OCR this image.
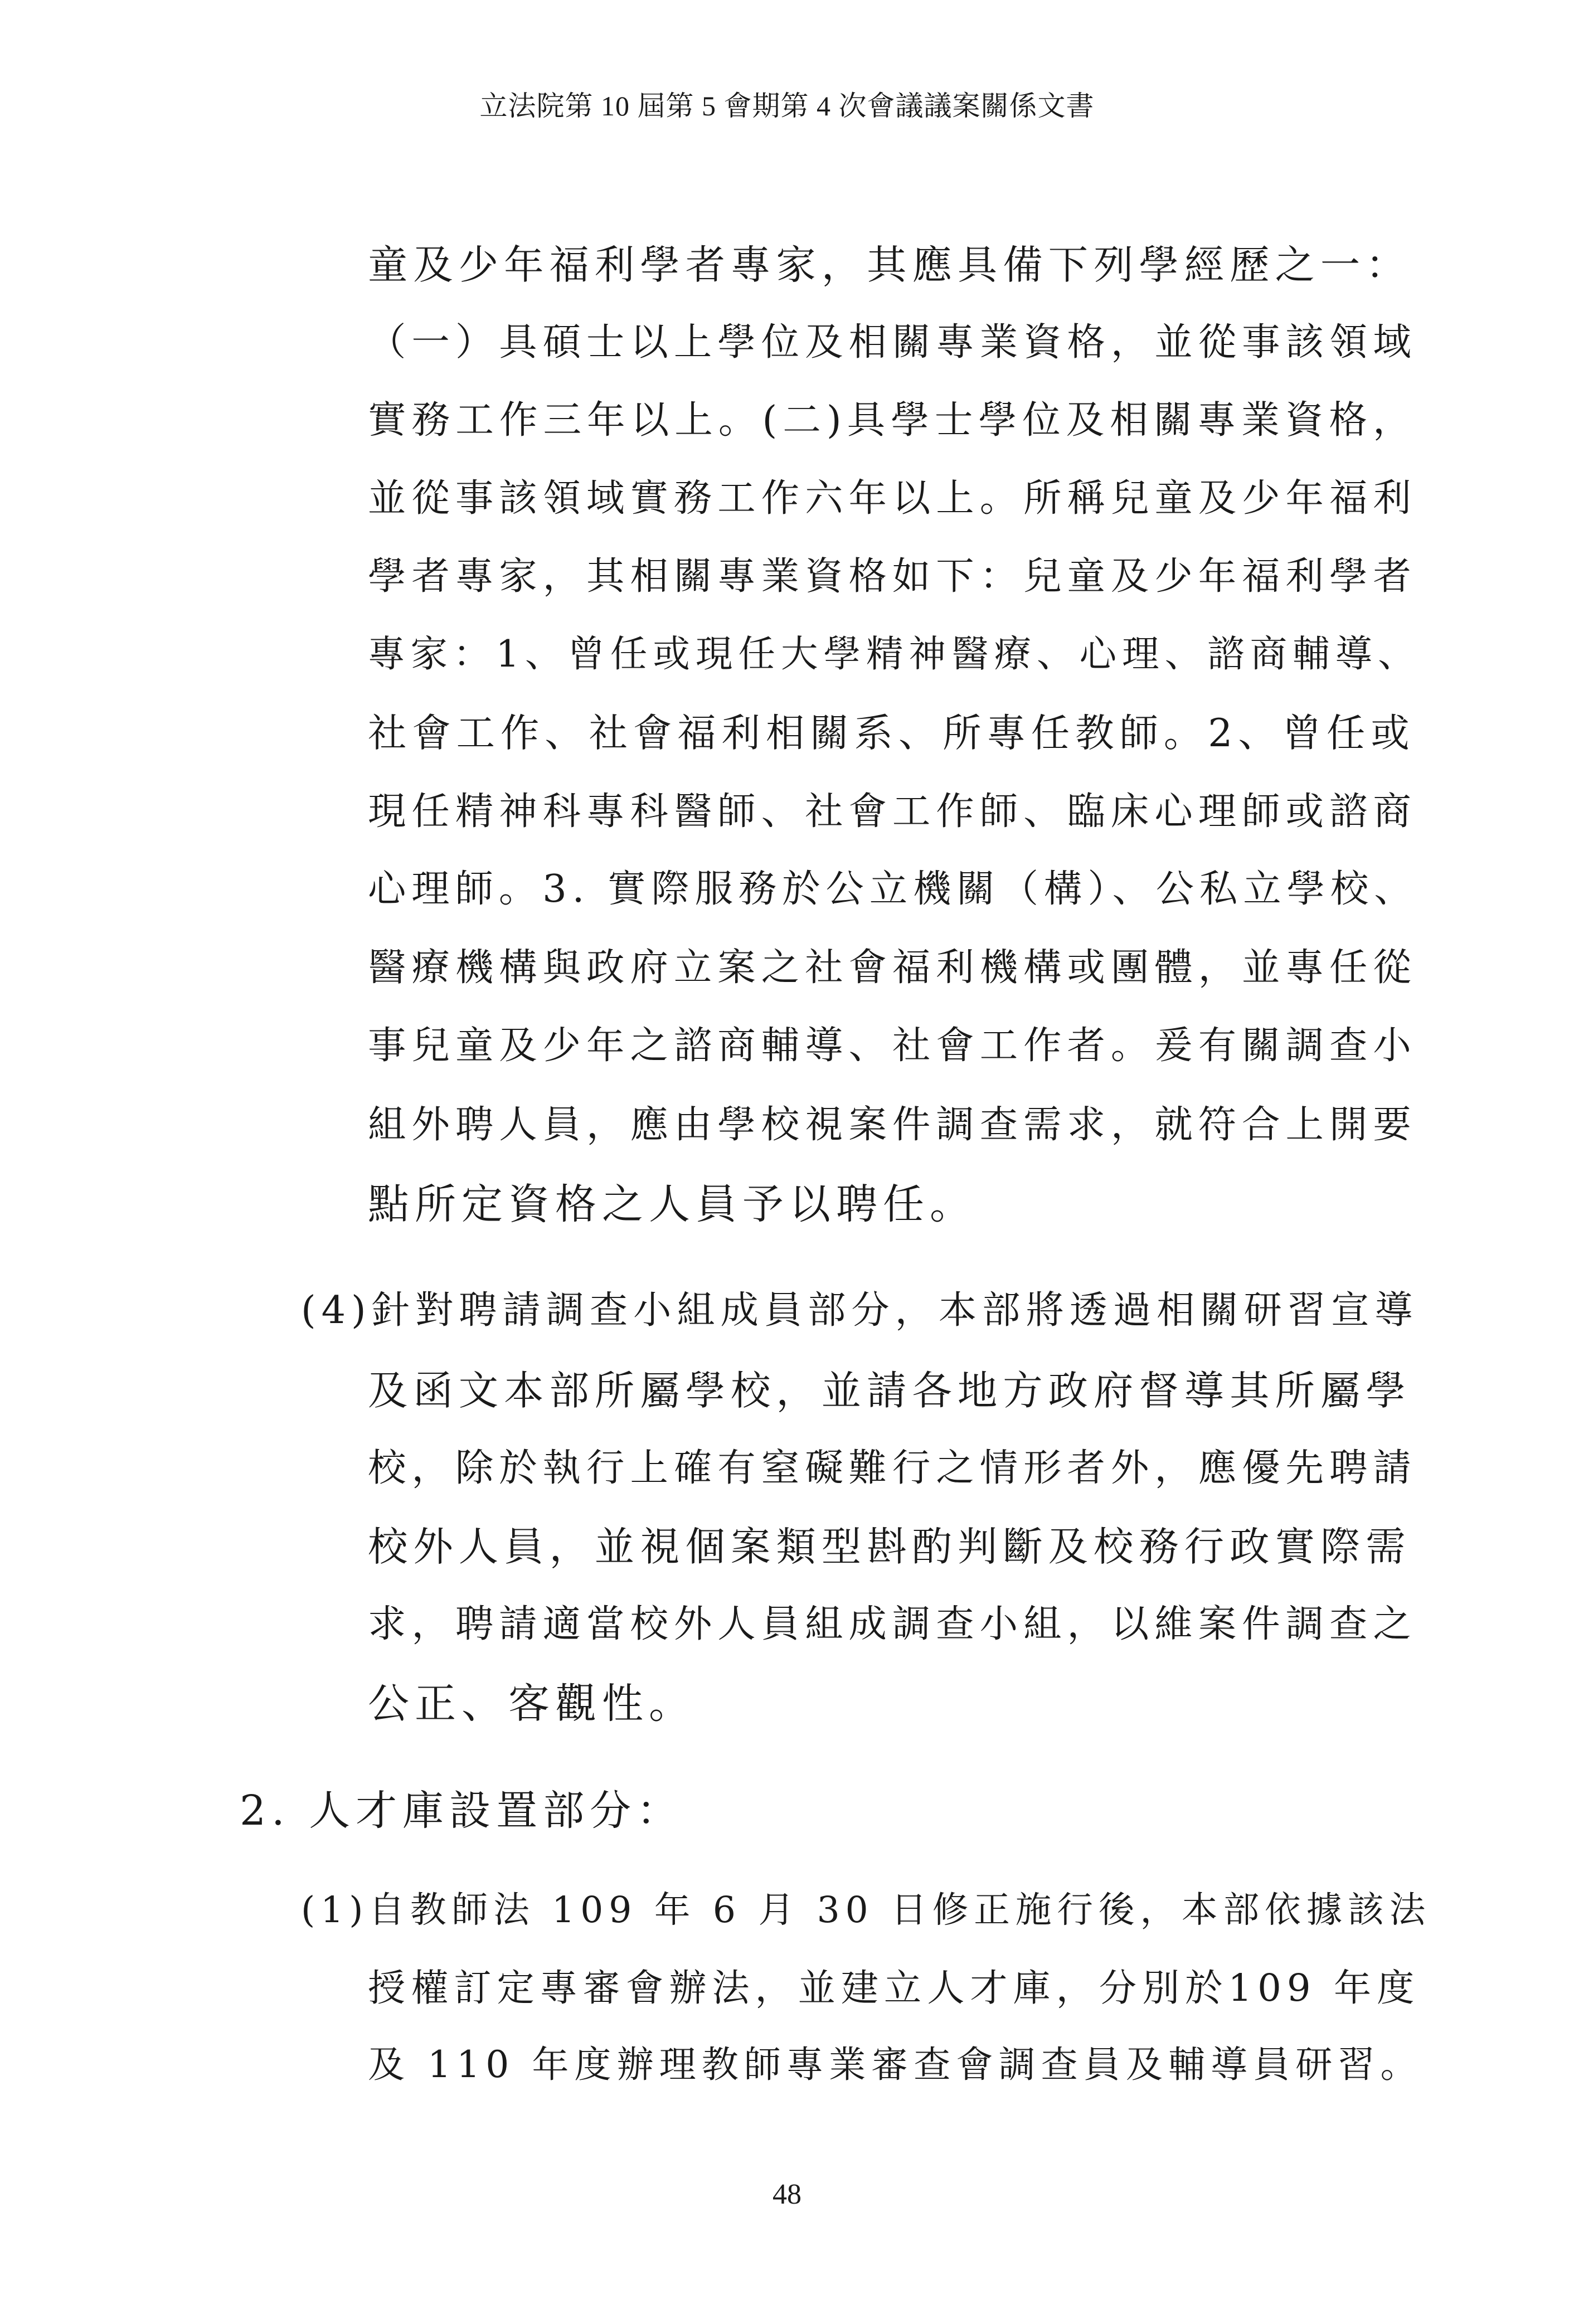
立法院第 10 屆第 5 會期第 4 次會議議案關係文書
童及少年福利學者專家，其應具備下列學經歷之一：
（一）具碩士以上學位及相關專業資格，並從事該領域
實務工作三年以上。(二)具學士學位及相關專業資格，
並從事該領域實務工作六年以上。所稱兒童及少年福利
學者專家，其相關專業資格如下：兒童及少年福利學者
專家：1、曾任或現任大學精神醫療、心理、諮商輔導、
社會工作、社會福利相關系、所專任教師。2、曾任或
現任精神科專科醫師、社會工作師、臨床心理師或諮商
心理師。3. 實際服務於公立機關（構）、公私立學校、
醫療機構與政府立案之社會福利機構或團體，並專任從
事兒童及少年之諮商輔導、社會工作者。爰有關調查小
組外聘人員，應由學校視案件調查需求，就符合上開要
點所定資格之人員予以聘任。
(4)針對聘請調查小組成員部分，本部將透過相關研習宣導
及函文本部所屬學校，並請各地方政府督導其所屬學
校，除於執行上確有窒礙難行之情形者外，應優先聘請
校外人員，並視個案類型斟酌判斷及校務行政實際需
求，聘請適當校外人員組成調查小組，以維案件調查之
公正、客觀性。
2. 人才庫設置部分：
(1)自教師法 109 年 6 月 30 日修正施行後，本部依據該法
授權訂定專審會辦法，並建立人才庫，分別於109 年度
及 110 年度辦理教師專業審查會調查員及輔導員研習。
48
